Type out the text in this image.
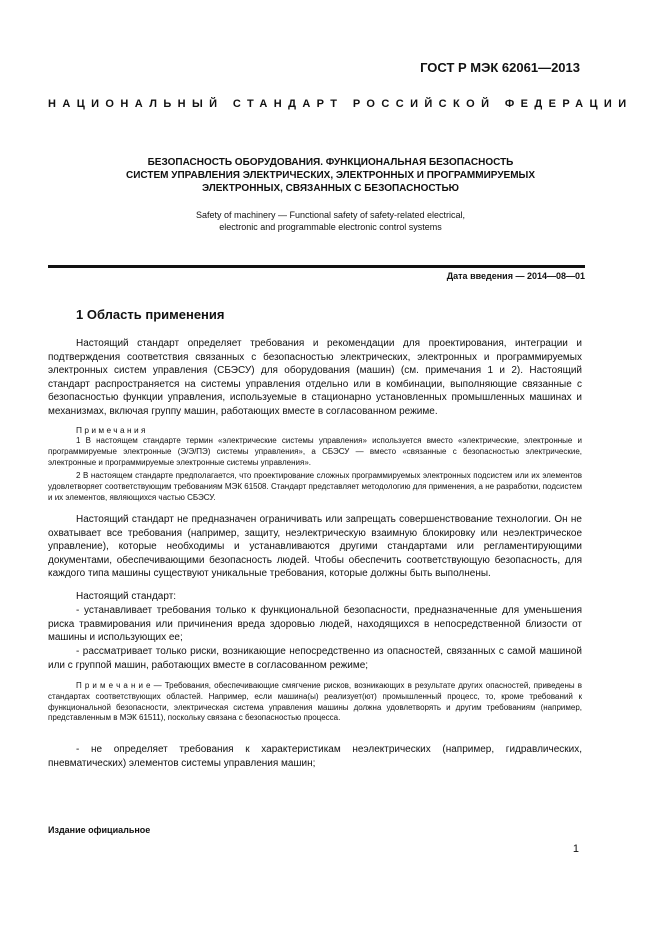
ГОСТ Р МЭК 62061—2013
НАЦИОНАЛЬНЫЙ СТАНДАРТ РОССИЙСКОЙ ФЕДЕРАЦИИ
БЕЗОПАСНОСТЬ ОБОРУДОВАНИЯ. ФУНКЦИОНАЛЬНАЯ БЕЗОПАСНОСТЬ
СИСТЕМ УПРАВЛЕНИЯ ЭЛЕКТРИЧЕСКИХ, ЭЛЕКТРОННЫХ И ПРОГРАММИРУЕМЫХ
ЭЛЕКТРОННЫХ, СВЯЗАННЫХ С БЕЗОПАСНОСТЬЮ
Safety of machinery — Functional safety of safety-related electrical,
electronic and programmable electronic control systems
Дата введения — 2014—08—01
1 Область применения
Настоящий стандарт определяет требования и рекомендации для проектирования, интеграции и подтверждения соответствия связанных с безопасностью электрических, электронных и программируемых электронных систем управления (СБЭСУ) для оборудования (машин) (см. примечания 1 и 2). Настоящий стандарт распространяется на системы управления отдельно или в комбинации, выполняющие связанные с безопасностью функции управления, используемые в стационарно установленных промышленных машинах и механизмах, включая группу машин, работающих вместе в согласованном режиме.
Примечания
1 В настоящем стандарте термин «электрические системы управления» используется вместо «электрические, электронные и программируемые электронные (Э/Э/ПЭ) системы управления», а СБЭСУ — вместо «связанные с безопасностью электрические, электронные и программируемые электронные системы управления».
2 В настоящем стандарте предполагается, что проектирование сложных программируемых электронных подсистем или их элементов удовлетворяет соответствующим требованиям МЭК 61508. Стандарт представляет методологию для применения, а не разработки, подсистем и их элементов, являющихся частью СБЭСУ.
Настоящий стандарт не предназначен ограничивать или запрещать совершенствование технологии. Он не охватывает все требования (например, защиту, неэлектрическую взаимную блокировку или неэлектрическое управление), которые необходимы и устанавливаются другими стандартами или регламентирующими документами, обеспечивающими безопасность людей. Чтобы обеспечить соответствующую безопасность, для каждого типа машины существуют уникальные требования, которые должны быть выполнены.
Настоящий стандарт:
- устанавливает требования только к функциональной безопасности, предназначенные для уменьшения риска травмирования или причинения вреда здоровью людей, находящихся в непосредственной близости от машины и использующих ее;
- рассматривает только риски, возникающие непосредственно из опасностей, связанных с самой машиной или с группой машин, работающих вместе в согласованном режиме;
П р и м е ч а н и е — Требования, обеспечивающие смягчение рисков, возникающих в результате других опасностей, приведены в стандартах соответствующих областей. Например, если машина(ы) реализует(ют) промышленный процесс, то, кроме требований к функциональной безопасности, электрическая система управления машины должна удовлетворять и другим требованиям (например, представленным в МЭК 61511), поскольку связана с безопасностью процесса.
- не определяет требования к характеристикам неэлектрических (например, гидравлических, пневматических) элементов системы управления машин;
Издание официальное
1
